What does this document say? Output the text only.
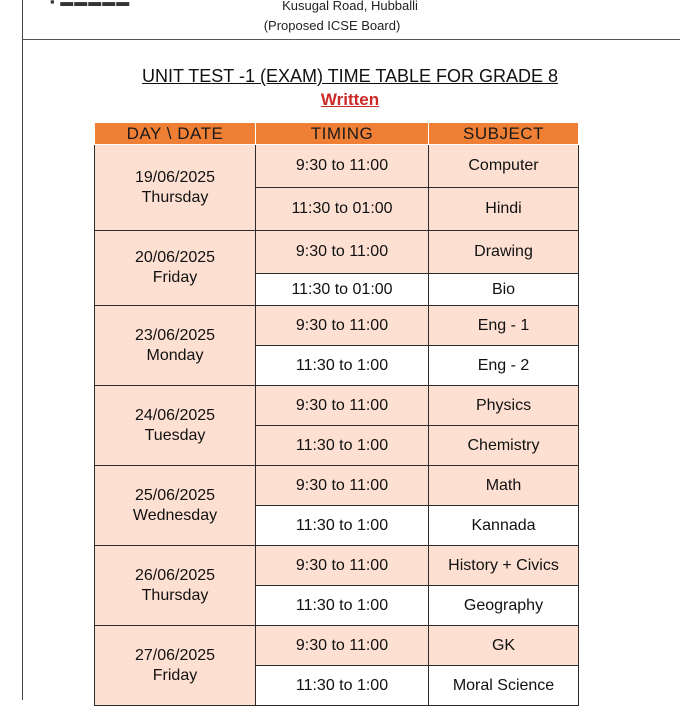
▪ ▬▬▬▬▬	Kusugal Road, Hubballi
(Proposed ICSE Board)
UNIT TEST -1 (EXAM) TIME TABLE FOR GRADE 8
Written
DAY \ DATE	TIMING	SUBJECT

19/06/2025
Thursday	9:30 to 11:00	Computer
	11:30 to 01:00	Hindi

20/06/2025
Friday	9:30 to 11:00	Drawing
	11:30 to 01:00	Bio

23/06/2025
Monday	9:30 to 11:00	Eng - 1
	11:30 to 1:00	Eng - 2

24/06/2025
Tuesday	9:30 to 11:00	Physics
	11:30 to 1:00	Chemistry

25/06/2025
Wednesday	9:30 to 11:00	Math
	11:30 to 1:00	Kannada

26/06/2025
Thursday	9:30 to 11:00	History + Civics
	11:30 to 1:00	Geography

27/06/2025
Friday	9:30 to 11:00	GK
	11:30 to 1:00	Moral Science
